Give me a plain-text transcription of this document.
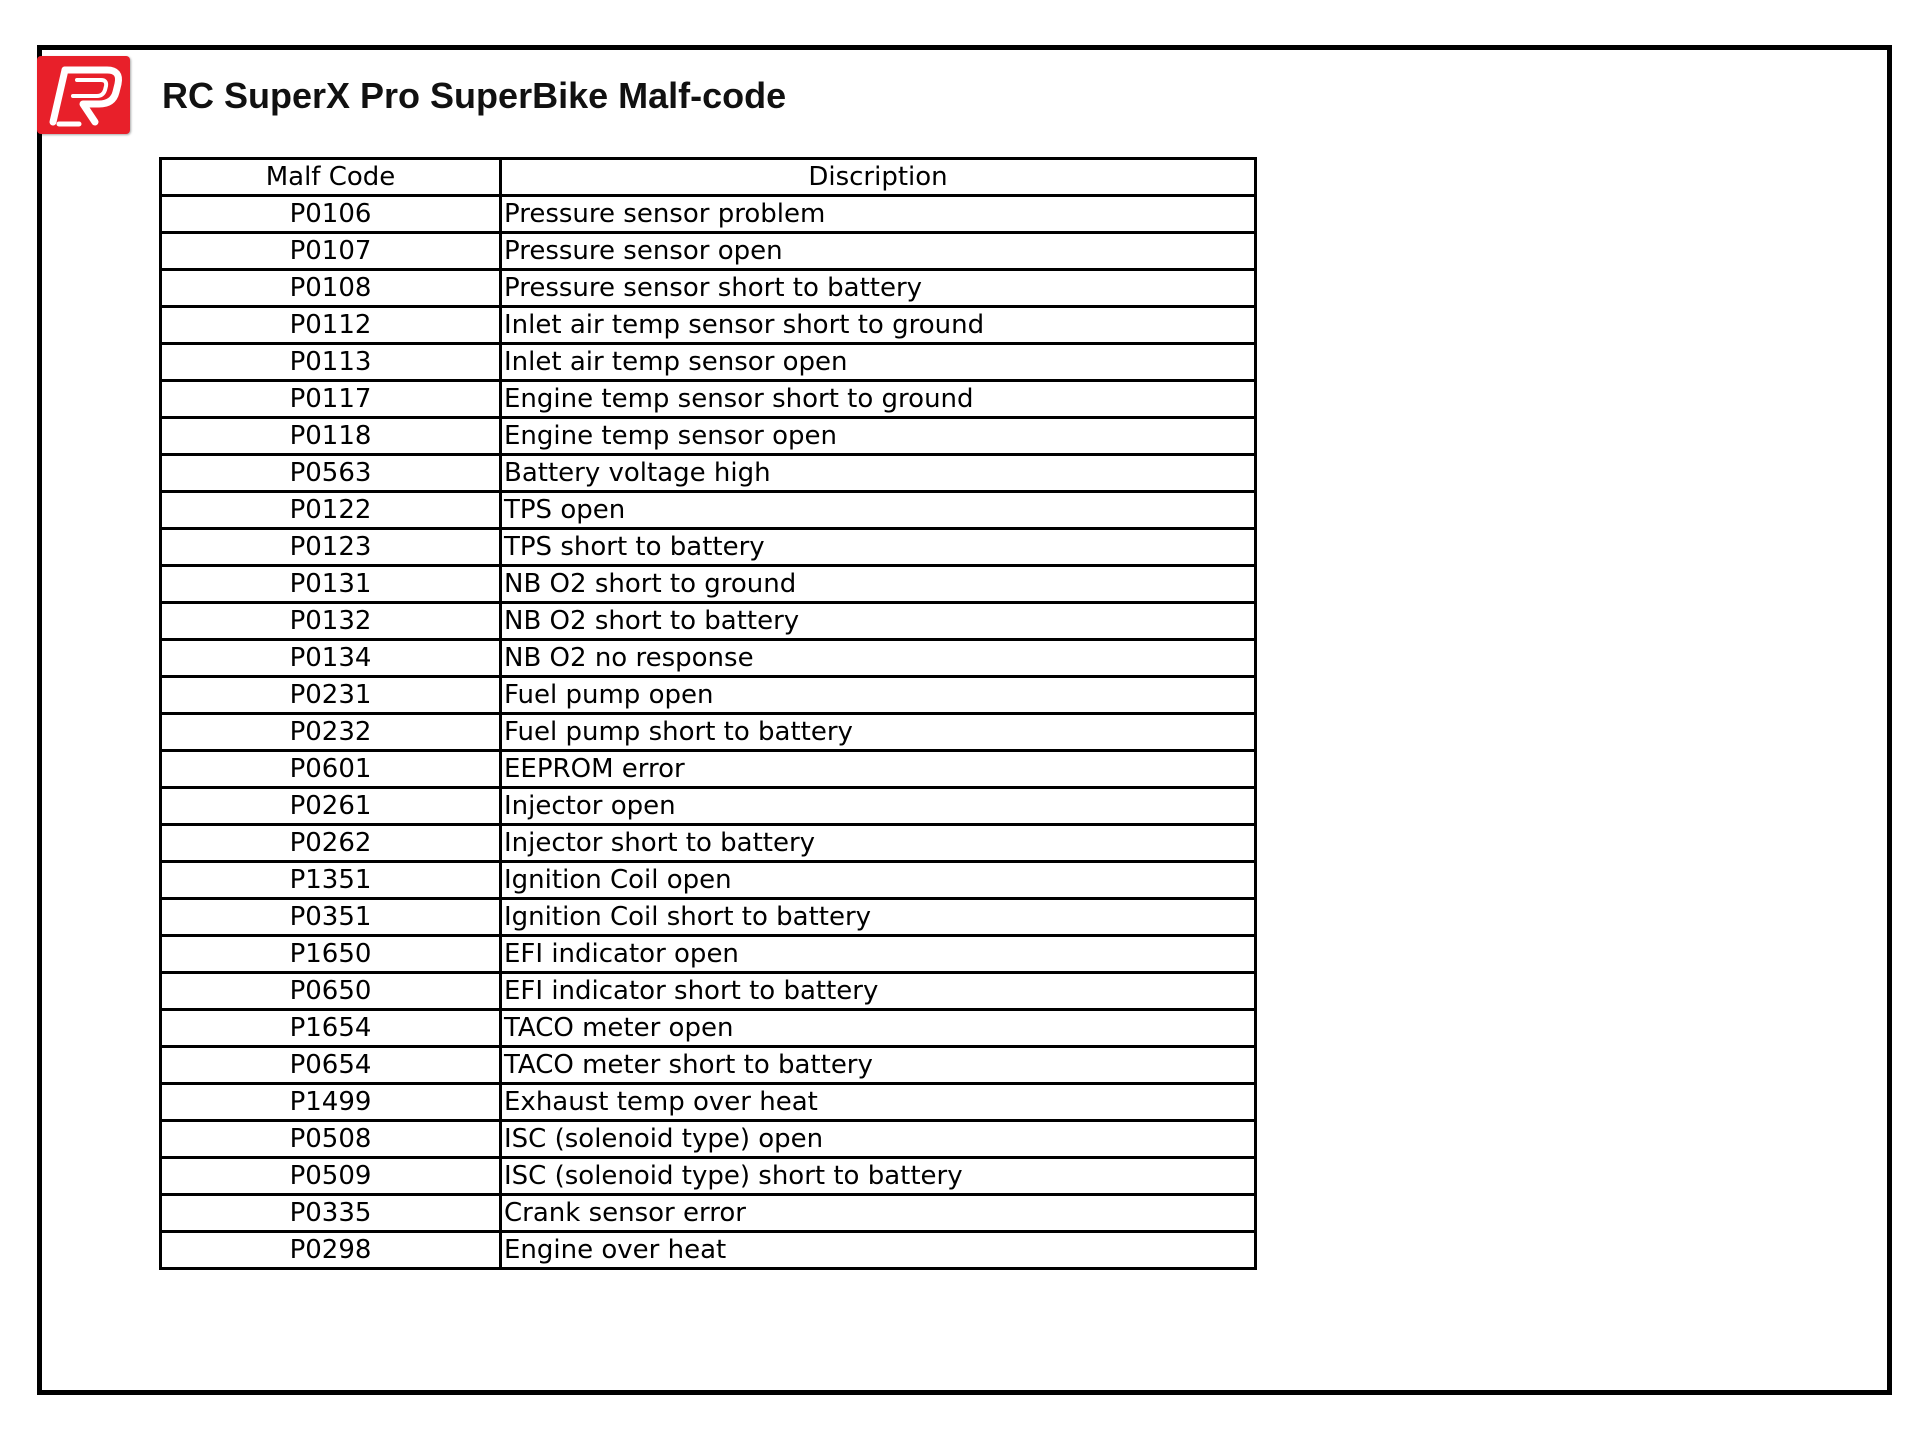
RC SuperX Pro SuperBike Malf-code
Malf Code	Discription
P0106	Pressure sensor problem
P0107	Pressure sensor open
P0108	Pressure sensor short to battery
P0112	Inlet air temp sensor short to ground
P0113	Inlet air temp sensor open
P0117	Engine temp sensor short to ground
P0118	Engine temp sensor open
P0563	Battery voltage high
P0122	TPS open
P0123	TPS short to battery
P0131	NB O2 short to ground
P0132	NB O2 short to battery
P0134	NB O2 no response
P0231	Fuel pump open
P0232	Fuel pump short to battery
P0601	EEPROM error
P0261	Injector open
P0262	Injector short to battery
P1351	Ignition Coil open
P0351	Ignition Coil short to battery
P1650	EFI indicator open
P0650	EFI indicator short to battery
P1654	TACO meter open
P0654	TACO meter short to battery
P1499	Exhaust temp over heat
P0508	ISC (solenoid type) open
P0509	ISC (solenoid type) short to battery
P0335	Crank sensor error
P0298	Engine over heat
